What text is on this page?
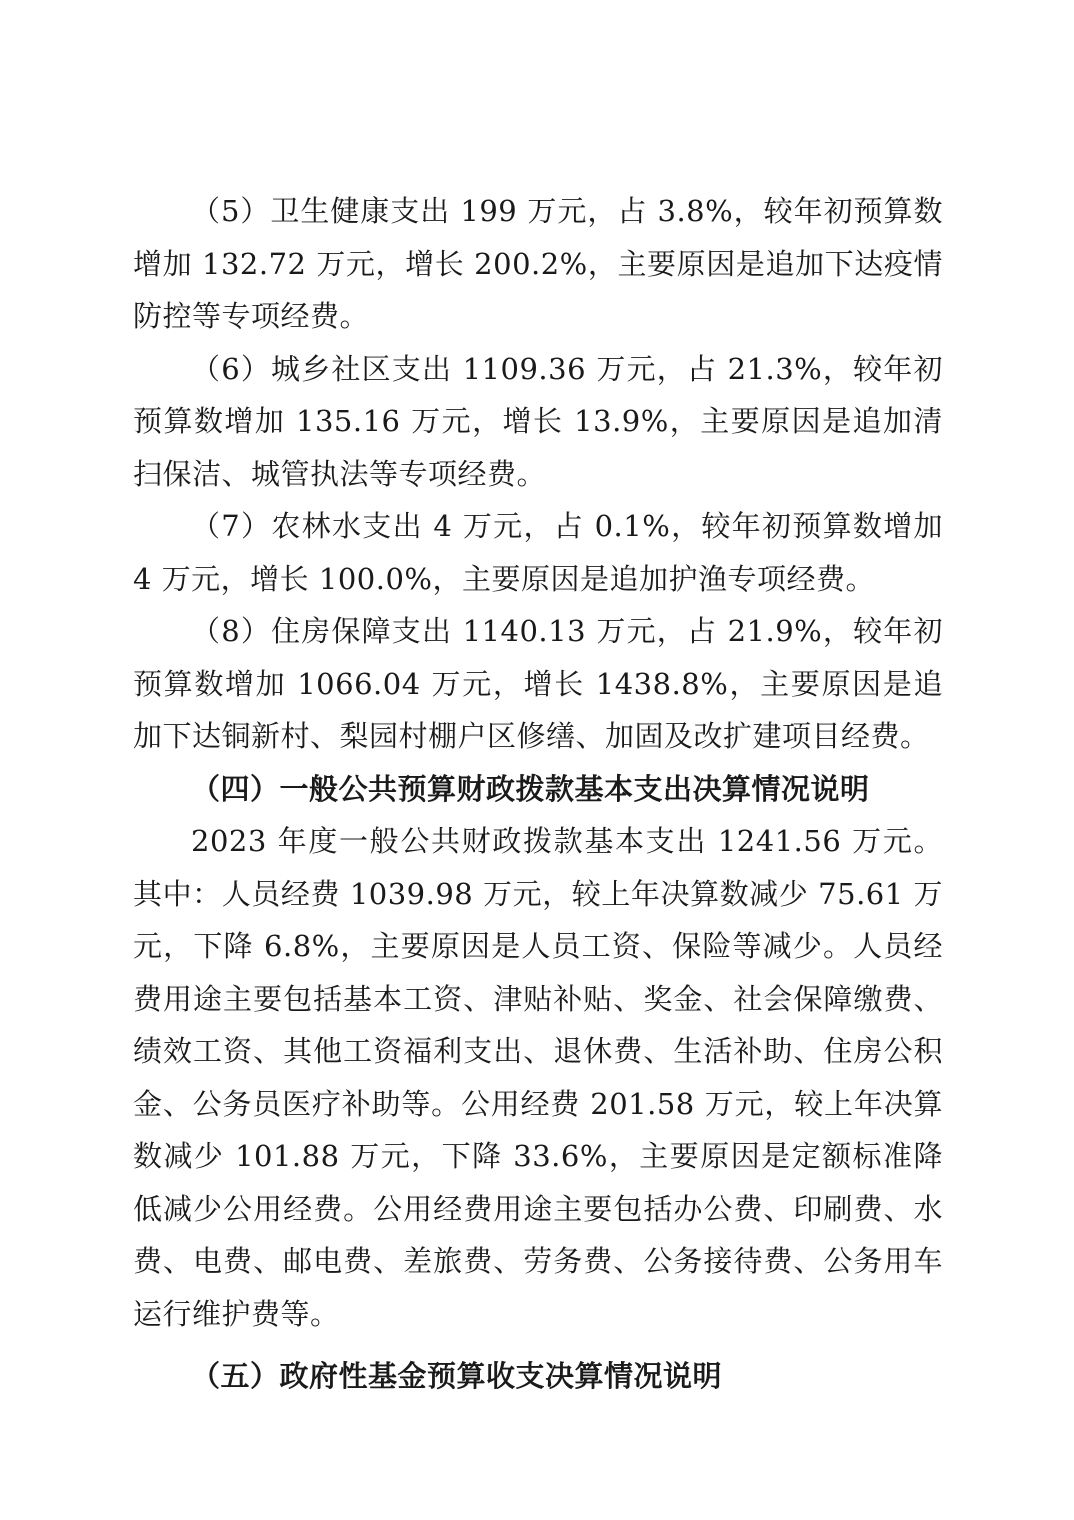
（5）卫生健康支出 199 万元，占 3.8%，较年初预算数增加 132.72 万元，增长 200.2%，主要原因是追加下达疫情防控等专项经费。

（6）城乡社区支出 1109.36 万元，占 21.3%，较年初预算数增加 135.16 万元，增长 13.9%，主要原因是追加清扫保洁、城管执法等专项经费。

（7）农林水支出 4 万元，占 0.1%，较年初预算数增加 4 万元，增长 100.0%，主要原因是追加护渔专项经费。

（8）住房保障支出 1140.13 万元，占 21.9%，较年初预算数增加 1066.04 万元，增长 1438.8%，主要原因是追加下达铜新村、梨园村棚户区修缮、加固及改扩建项目经费。

（四）一般公共预算财政拨款基本支出决算情况说明

2023 年度一般公共财政拨款基本支出 1241.56 万元。其中：人员经费 1039.98 万元，较上年决算数减少 75.61 万元，下降 6.8%，主要原因是人员工资、保险等减少。人员经费用途主要包括基本工资、津贴补贴、奖金、社会保障缴费、绩效工资、其他工资福利支出、退休费、生活补助、住房公积金、公务员医疗补助等。公用经费 201.58 万元，较上年决算数减少 101.88 万元，下降 33.6%，主要原因是定额标准降低减少公用经费。公用经费用途主要包括办公费、印刷费、水费、电费、邮电费、差旅费、劳务费、公务接待费、公务用车运行维护费等。

（五）政府性基金预算收支决算情况说明
